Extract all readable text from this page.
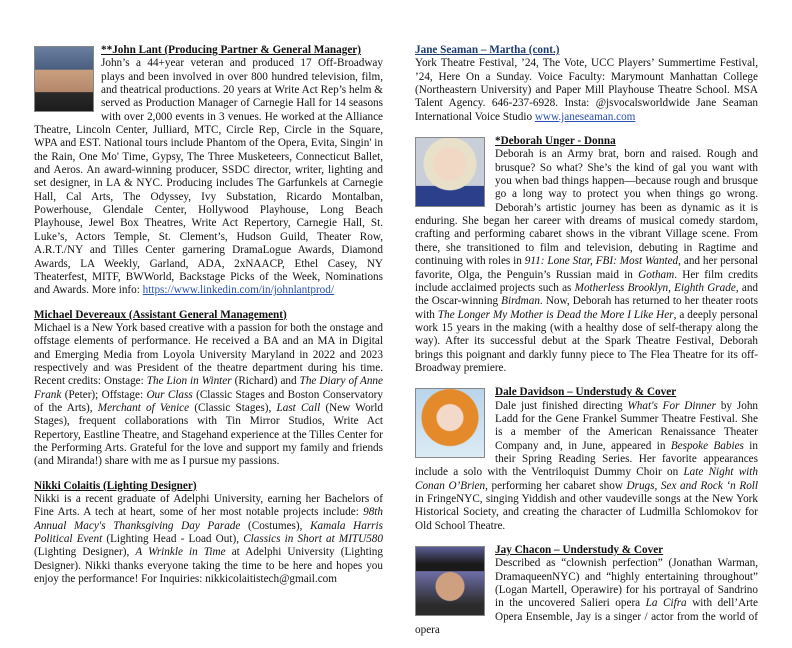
**John Lant (Producing Partner & General Manager)
John’s a 44+year veteran and produced 17 Off-Broadway plays and been involved in over 800 hundred television, film, and theatrical productions. 20 years at Write Act Rep’s helm & served as Production Manager of Carnegie Hall for 14 seasons with over 2,000 events in 3 venues. He worked at the Alliance Theatre, Lincoln Center, Julliard, MTC, Circle Rep, Circle in the Square, WPA and EST. National tours include Phantom of the Opera, Evita, Singin' in the Rain, One Mo' Time, Gypsy, The Three Musketeers, Connecticut Ballet, and Aeros. An award-winning producer, SSDC director, writer, lighting and set designer, in LA & NYC. Producing includes The Garfunkels at Carnegie Hall, Cal Arts, The Odyssey, Ivy Substation, Ricardo Montalban, Powerhouse, Glendale Center, Hollywood Playhouse, Long Beach Playhouse, Jewel Box Theatres, Write Act Repertory, Carnegie Hall, St. Luke’s, Actors Temple, St. Clement’s, Hudson Guild, Theater Row, A.R.T./NY and Tilles Center garnering DramaLogue Awards, Diamond Awards, LA Weekly, Garland, ADA, 2xNAACP, Ethel Casey, NY Theaterfest, MITF, BWWorld, Backstage Picks of the Week, Nominations and Awards. More info: https://www.linkedin.com/in/johnlantprod/
Michael Devereaux (Assistant General Management)
Michael is a New York based creative with a passion for both the onstage and offstage elements of performance. He received a BA and an MA in Digital and Emerging Media from Loyola University Maryland in 2022 and 2023 respectively and was President of the theatre department during his time. Recent credits: Onstage: The Lion in Winter (Richard) and The Diary of Anne Frank (Peter); Offstage: Our Class (Classic Stages and Boston Conservatory of the Arts), Merchant of Venice (Classic Stages), Last Call (New World Stages), frequent collaborations with Tin Mirror Studios, Write Act Repertory, Eastline Theatre, and Stagehand experience at the Tilles Center for the Performing Arts. Grateful for the love and support my family and friends (and Miranda!) share with me as I pursue my passions.
Nikki Colaitis (Lighting Designer)
Nikki is a recent graduate of Adelphi University, earning her Bachelors of Fine Arts. A tech at heart, some of her most notable projects include: 98th Annual Macy's Thanksgiving Day Parade (Costumes), Kamala Harris Political Event (Lighting Head - Load Out), Classics in Short at MITU580 (Lighting Designer), A Wrinkle in Time at Adelphi University (Lighting Designer). Nikki thanks everyone taking the time to be here and hopes you enjoy the performance! For Inquiries: nikkicolaitistech@gmail.com
Jane Seaman – Martha (cont.)
York Theatre Festival, ’24, The Vote, UCC Players’ Summertime Festival, ’24, Here On a Sunday. Voice Faculty: Marymount Manhattan College (Northeastern University) and Paper Mill Playhouse Theatre School. MSA Talent Agency. 646-237-6928. Insta: @jsvocalsworldwide Jane Seaman International Voice Studio www.janeseaman.com
*Deborah Unger - Donna
Deborah is an Army brat, born and raised. Rough and brusque? So what? She’s the kind of gal you want with you when bad things happen—because rough and brusque go a long way to protect you when things go wrong. Deborah’s artistic journey has been as dynamic as it is enduring. She began her career with dreams of musical comedy stardom, crafting and performing cabaret shows in the vibrant Village scene. From there, she transitioned to film and television, debuting in Ragtime and continuing with roles in 911: Lone Star, FBI: Most Wanted, and her personal favorite, Olga, the Penguin’s Russian maid in Gotham. Her film credits include acclaimed projects such as Motherless Brooklyn, Eighth Grade, and the Oscar-winning Birdman. Now, Deborah has returned to her theater roots with The Longer My Mother is Dead the More I Like Her, a deeply personal work 15 years in the making (with a healthy dose of self-therapy along the way). After its successful debut at the Spark Theatre Festival, Deborah brings this poignant and darkly funny piece to The Flea Theatre for its off-Broadway premiere.
Dale Davidson – Understudy & Cover
Dale just finished directing What's For Dinner by John Ladd for the Gene Frankel Summer Theatre Festival. She is a member of the American Renaissance Theater Company and, in June, appeared in Bespoke Babies in their Spring Reading Series. Her favorite appearances include a solo with the Ventriloquist Dummy Choir on Late Night with Conan O’Brien, performing her cabaret show Drugs, Sex and Rock ‘n Roll in FringeNYC, singing Yiddish and other vaudeville songs at the New York Historical Society, and creating the character of Ludmilla Schlomokov for Old School Theatre.
Jay Chacon – Understudy & Cover
Described as “clownish perfection” (Jonathan Warman, DramaqueenNYC) and “highly entertaining throughout” (Logan Martell, Operawire) for his portrayal of Sandrino in the uncovered Salieri opera La Cifra with dell’Arte Opera Ensemble, Jay is a singer / actor from the world of opera
